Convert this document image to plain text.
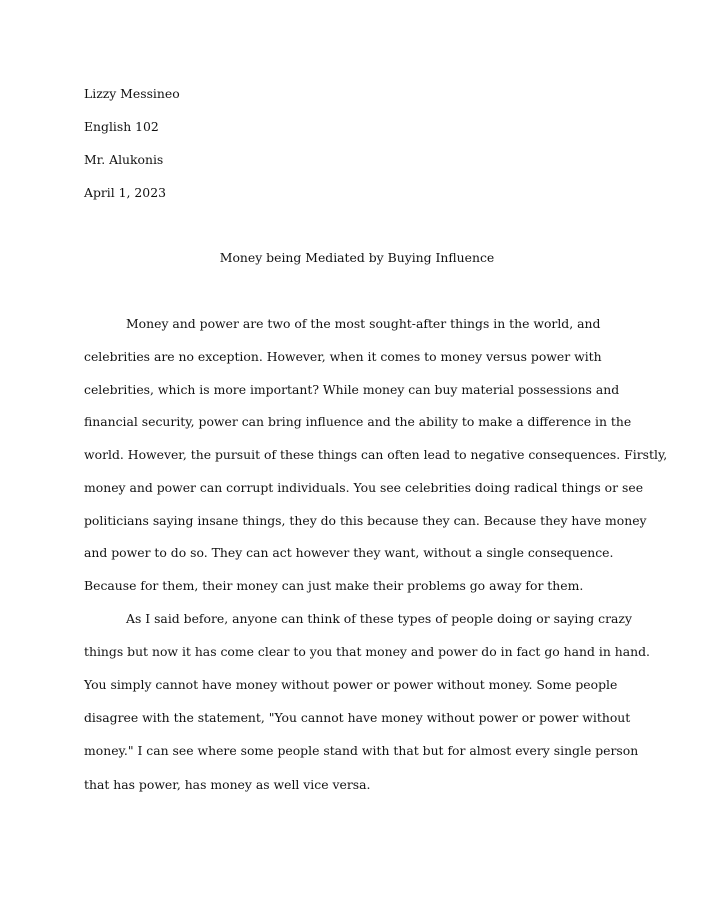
Lizzy Messineo
English 102
Mr. Alukonis
April 1, 2023
Money being Mediated by Buying Influence
Money and power are two of the most sought-after things in the world, and
celebrities are no exception. However, when it comes to money versus power with
celebrities, which is more important? While money can buy material possessions and
financial security, power can bring influence and the ability to make a difference in the
world. However, the pursuit of these things can often lead to negative consequences. Firstly,
money and power can corrupt individuals. You see celebrities doing radical things or see
politicians saying insane things, they do this because they can. Because they have money
and power to do so. They can act however they want, without a single consequence.
Because for them, their money can just make their problems go away for them.
As I said before, anyone can think of these types of people doing or saying crazy
things but now it has come clear to you that money and power do in fact go hand in hand.
You simply cannot have money without power or power without money. Some people
disagree with the statement, "You cannot have money without power or power without
money." I can see where some people stand with that but for almost every single person
that has power, has money as well vice versa.
